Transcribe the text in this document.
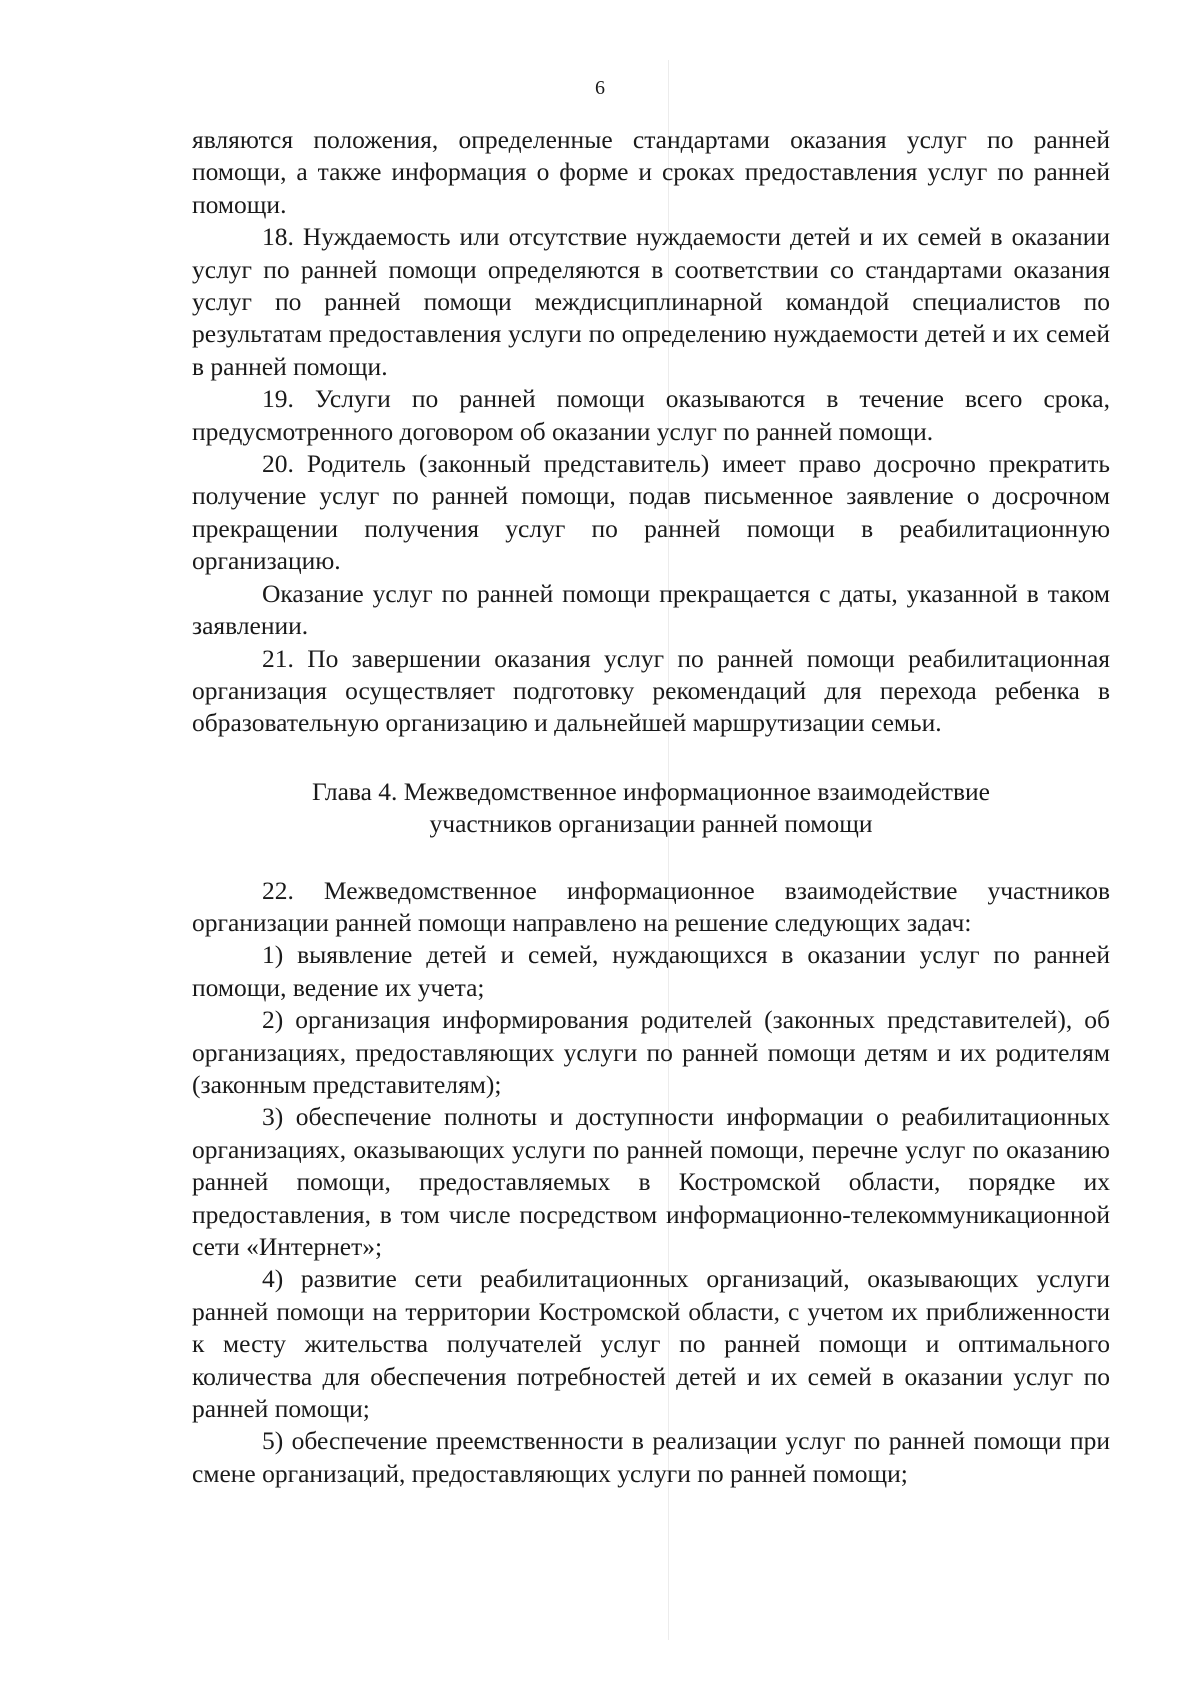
6

являются положения, определенные стандартами оказания услуг по ранней помощи, а также информация о форме и сроках предоставления услуг по ранней помощи.

18. Нуждаемость или отсутствие нуждаемости детей и их семей в оказании услуг по ранней помощи определяются в соответствии со стандартами оказания услуг по ранней помощи междисциплинарной командой специалистов по результатам предоставления услуги по определению нуждаемости детей и их семей в ранней помощи.

19. Услуги по ранней помощи оказываются в течение всего срока, предусмотренного договором об оказании услуг по ранней помощи.

20. Родитель (законный представитель) имеет право досрочно прекратить получение услуг по ранней помощи, подав письменное заявление о досрочном прекращении получения услуг по ранней помощи в реабилитационную организацию.

Оказание услуг по ранней помощи прекращается с даты, указанной в таком заявлении.

21. По завершении оказания услуг по ранней помощи реабилитационная организация осуществляет подготовку рекомендаций для перехода ребенка в образовательную организацию и дальнейшей маршрутизации семьи.

Глава 4. Межведомственное информационное взаимодействие
участников организации ранней помощи

22. Межведомственное информационное взаимодействие участников организации ранней помощи направлено на решение следующих задач:

1) выявление детей и семей, нуждающихся в оказании услуг по ранней помощи, ведение их учета;

2) организация информирования родителей (законных представителей), об организациях, предоставляющих услуги по ранней помощи детям и их родителям (законным представителям);

3) обеспечение полноты и доступности информации о реабилитационных организациях, оказывающих услуги по ранней помощи, перечне услуг по оказанию ранней помощи, предоставляемых в Костромской области, порядке их предоставления, в том числе посредством информационно-телекоммуникационной сети «Интернет»;

4) развитие сети реабилитационных организаций, оказывающих услуги ранней помощи на территории Костромской области, с учетом их приближенности к месту жительства получателей услуг по ранней помощи и оптимального количества для обеспечения потребностей детей и их семей в оказании услуг по ранней помощи;

5) обеспечение преемственности в реализации услуг по ранней помощи при смене организаций, предоставляющих услуги по ранней помощи;
